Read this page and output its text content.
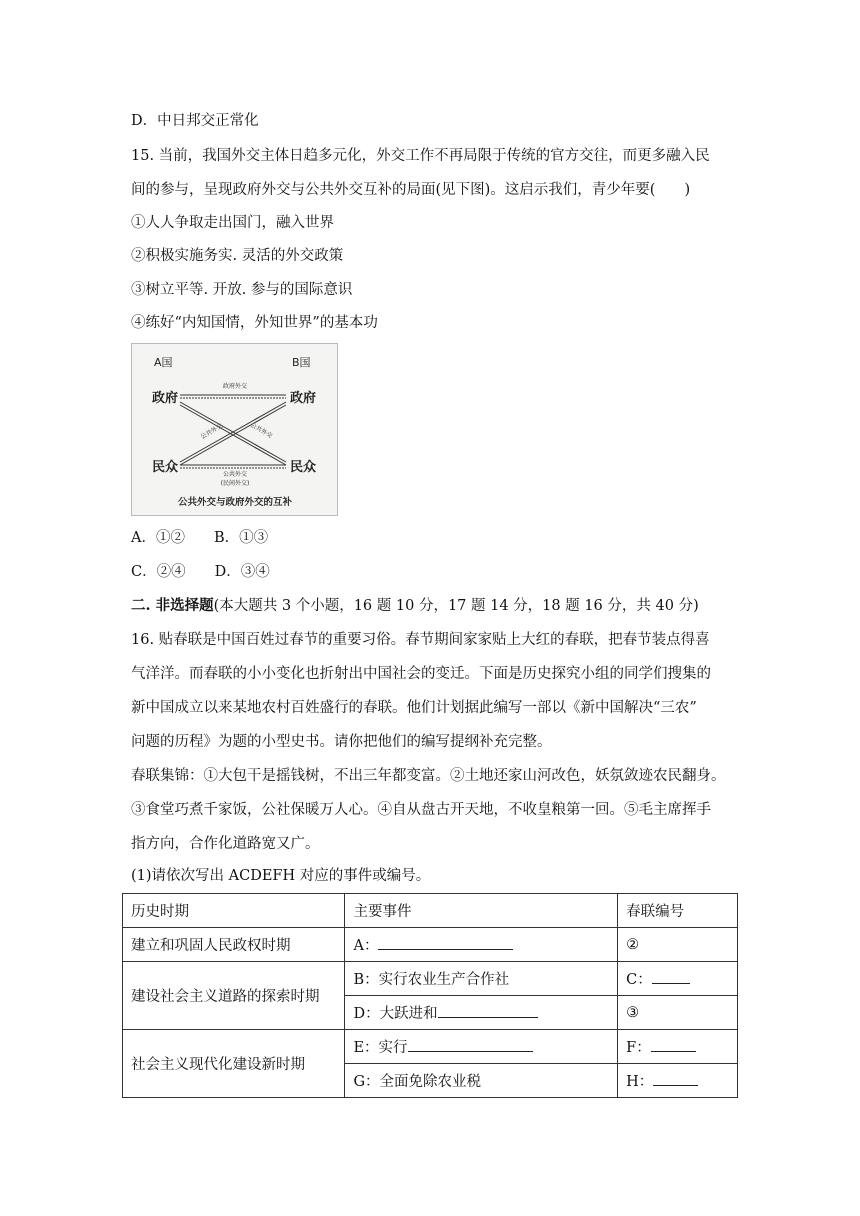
D．中日邦交正常化
15. 当前，我国外交主体日趋多元化，外交工作不再局限于传统的官方交往，而更多融入民
间的参与，呈现政府外交与公共外交互补的局面(见下图)。这启示我们，青少年要(　　)
①人人争取走出国门，融入世界
②积极实施务实. 灵活的外交政策
③树立平等. 开放. 参与的国际意识
④练好“内知国情，外知世界”的基本功
A国	B国
政府	政府
民众	民众
政府外交
公共外交
(民间外交)
公共外交	公共外交
公共外交与政府外交的互补
A．①②　　B．①③
C．②④　　D．③④
二. 非选择题(本大题共 3 个小题，16 题 10 分，17 题 14 分，18 题 16 分，共 40 分)
16. 贴春联是中国百姓过春节的重要习俗。春节期间家家贴上大红的春联，把春节装点得喜
气洋洋。而春联的小小变化也折射出中国社会的变迁。下面是历史探究小组的同学们搜集的
新中国成立以来某地农村百姓盛行的春联。他们计划据此编写一部以《新中国解决“三农”
问题的历程》为题的小型史书。请你把他们的编写提纲补充完整。
春联集锦：①大包干是摇钱树，不出三年都变富。②土地还家山河改色，妖氛敛迹农民翻身。
③食堂巧煮千家饭，公社保暖万人心。④自从盘古开天地，不收皇粮第一回。⑤毛主席挥手
指方向，合作化道路宽又广。
(1)请依次写出 ACDEFH 对应的事件或编号。
历史时期	主要事件	春联编号
建立和巩固人民政权时期	A：	②
建设社会主义道路的探索时期	B：实行农业生产合作社	C：
	D：大跃进和	③
社会主义现代化建设新时期	E：实行	F：
	G：全面免除农业税	H：
